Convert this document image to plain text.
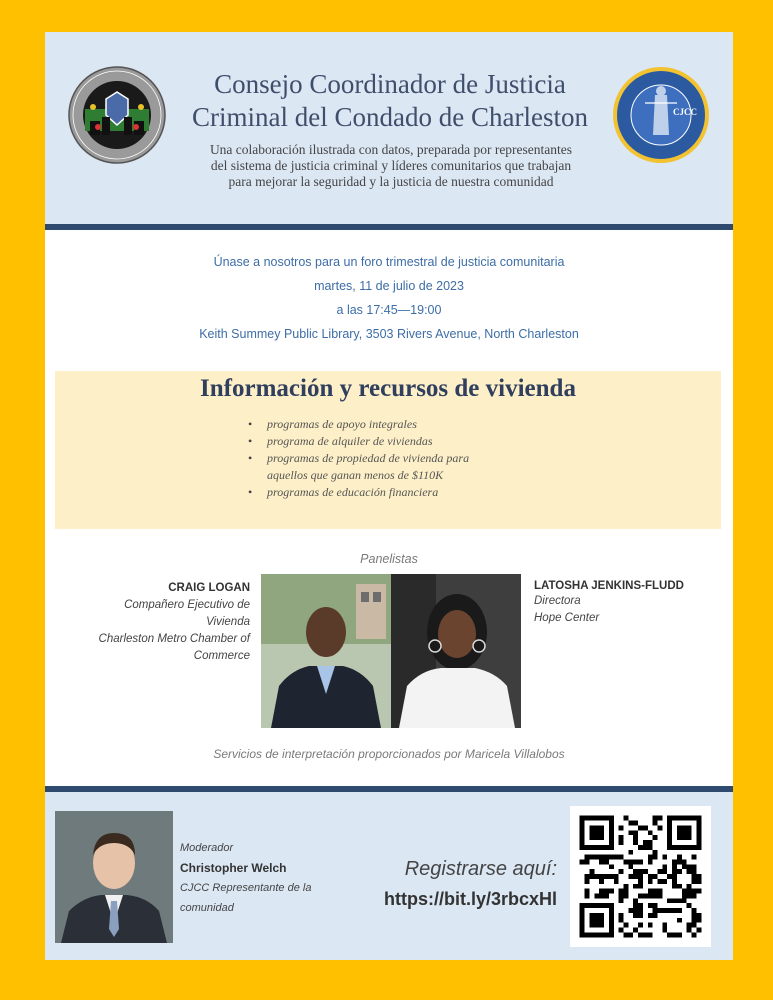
Consejo Coordinador de Justicia
Criminal del Condado de Charleston
Una colaboración ilustrada con datos, preparada por representantes
del sistema de justicia criminal y líderes comunitarios que trabajan
para mejorar la seguridad y la justicia de nuestra comunidad
CJCC
Únase a nosotros para un foro trimestral de justicia comunitaria
martes, 11 de julio de 2023
a las 17:45—19:00
Keith Summey Public Library, 3503 Rivers Avenue, North Charleston
Información y recursos de vivienda
• programas de apoyo integrales
• programa de alquiler de viviendas
• programas de propiedad de vivienda para
aquellos que ganan menos de $110K
• programas de educación financiera
Panelistas
CRAIG LOGAN
Compañero Ejecutivo de
Vivienda
Charleston Metro Chamber of
Commerce
LATOSHA JENKINS-FLUDD
Directora
Hope Center
Servicios de interpretación proporcionados por Maricela Villalobos
Moderador
Christopher Welch
CJCC Representante de la
comunidad
Registrarse aquí:
https://bit.ly/3rbcxHl
